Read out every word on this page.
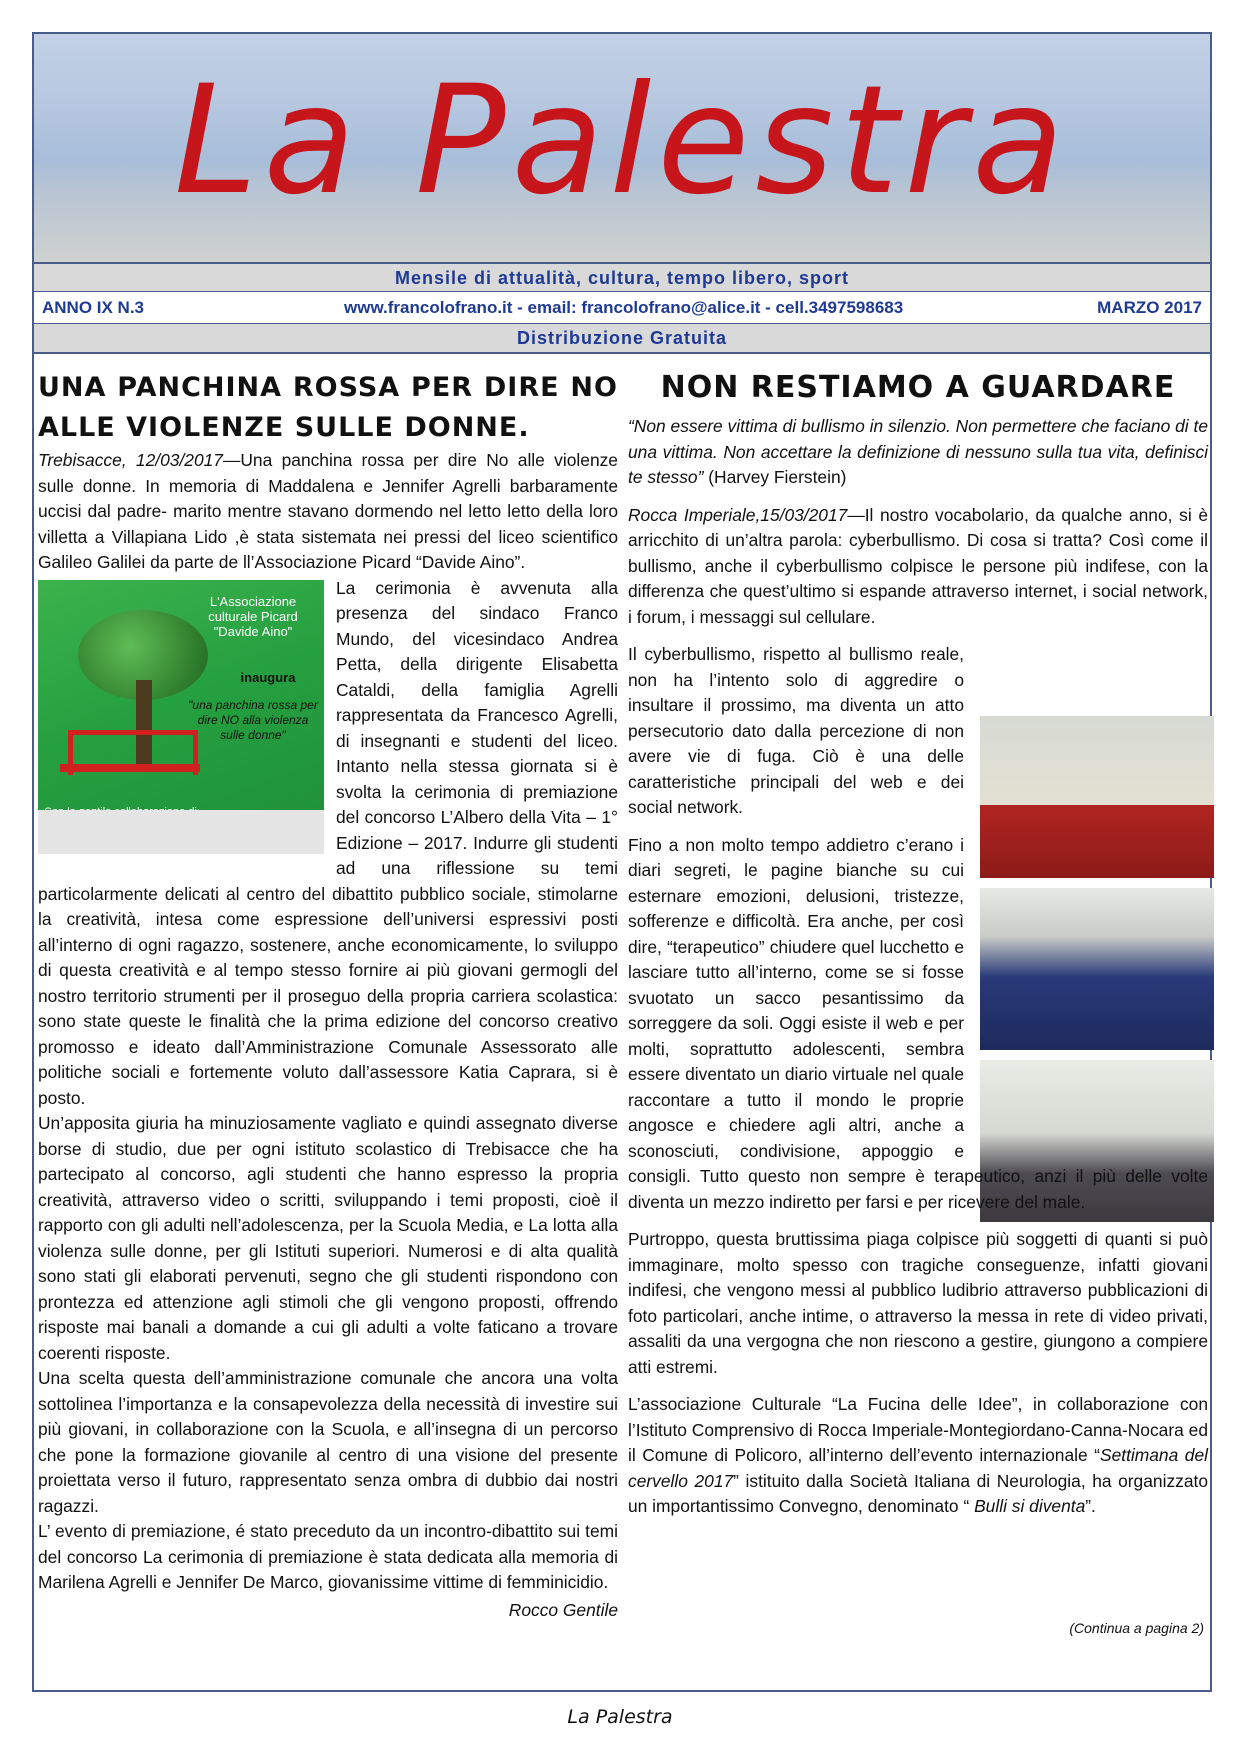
La Palestra
Mensile di attualità, cultura, tempo libero, sport
ANNO IX N.3	www.francolofrano.it - email: francolofrano@alice.it - cell.3497598683	MARZO 2017
Distribuzione Gratuita
UNA PANCHINA ROSSA PER DIRE NO ALLE VIOLENZE SULLE DONNE.

Trebisacce, 12/03/2017—Una panchina rossa per dire No alle violenze sulle donne. In memoria di Maddalena e Jennifer Agrelli barbaramente uccisi dal padre- marito mentre stavano dormendo nel letto letto della loro villetta a Villapiana Lido ,è stata sistemata nei pressi del liceo scientifico Galileo Galilei da parte de ll’Associazione Picard “Davide Aino”.

L'Associazione culturale Picard "Davide Aino"
inaugura
"una panchina rossa per dire NO alla violenza sulle donne"

La cerimonia è avvenuta alla presenza del sindaco Franco Mundo, del vicesindaco Andrea Petta, della dirigente Elisabetta Cataldi, della famiglia Agrelli rappresentata da Francesco Agrelli, di insegnanti e studenti del liceo. Intanto nella stessa giornata si è svolta la cerimonia di premiazione del concorso L’Albero della Vita – 1° Edizione – 2017. Indurre gli studenti ad una riflessione su temi particolarmente delicati al centro del dibattito pubblico sociale, stimolarne la creatività, intesa come espressione dell’universi espressivi posti all’interno di ogni ragazzo, sostenere, anche economicamente, lo sviluppo di questa creatività e al tempo stesso fornire ai più giovani germogli del nostro territorio strumenti per il proseguo della propria carriera scolastica: sono state queste le finalità che la prima edizione del concorso creativo promosso e ideato dall’Amministrazione Comunale Assessorato alle politiche sociali e fortemente voluto dall’assessore Katia Caprara, si è posto.

Un’apposita giuria ha minuziosamente vagliato e quindi assegnato diverse borse di studio, due per ogni istituto scolastico di Trebisacce che ha partecipato al concorso, agli studenti che hanno espresso la propria creatività, attraverso video o scritti, sviluppando i temi proposti, cioè il rapporto con gli adulti nell’adolescenza, per la Scuola Media, e La lotta alla violenza sulle donne, per gli Istituti superiori. Numerosi e di alta qualità sono stati gli elaborati pervenuti, segno che gli studenti rispondono con prontezza ed attenzione agli stimoli che gli vengono proposti, offrendo risposte mai banali a domande a cui gli adulti a volte faticano a trovare coerenti risposte.

Una scelta questa dell’amministrazione comunale che ancora una volta sottolinea l’importanza e la consapevolezza della necessità di investire sui più giovani, in collaborazione con la Scuola, e all’insegna di un percorso che pone la formazione giovanile al centro di una visione del presente proiettata verso il futuro, rappresentato senza ombra di dubbio dai nostri ragazzi.

L’ evento di premiazione, é stato preceduto da un incontro-dibattito sui temi del concorso La cerimonia di premiazione è stata dedicata alla memoria di Marilena Agrelli e Jennifer De Marco, giovanissime vittime di femminicidio.

Rocco Gentile

NON RESTIAMO A GUARDARE

“Non essere vittima di bullismo in silenzio. Non permettere che faciano di te una vittima. Non accettare la definizione di nessuno sulla tua vita, definisci te stesso” (Harvey Fierstein)

Rocca Imperiale,15/03/2017—Il nostro vocabolario, da qualche anno, si è arricchito di un’altra parola: cyberbullismo. Di cosa si tratta? Così come il bullismo, anche il cyberbullismo colpisce le persone più indifese, con la differenza che quest’ultimo si espande attraverso internet, i social network, i forum, i messaggi sul cellulare.

Il cyberbullismo, rispetto al bullismo reale, non ha l’intento solo di aggredire o insultare il prossimo, ma diventa un atto persecutorio dato dalla percezione di non avere vie di fuga. Ciò è una delle caratteristiche principali del web e dei social network.

Fino a non molto tempo addietro c’erano i diari segreti, le pagine bianche su cui esternare emozioni, delusioni, tristezze, sofferenze e difficoltà. Era anche, per così dire, “terapeutico” chiudere quel lucchetto e lasciare tutto all’interno, come se si fosse svuotato un sacco pesantissimo da sorreggere da soli. Oggi esiste il web e per molti, soprattutto adolescenti, sembra essere diventato un diario virtuale nel quale raccontare a tutto il mondo le proprie angosce e chiedere agli altri, anche a sconosciuti, condivisione, appoggio e consigli. Tutto questo non sempre è terapeutico, anzi il più delle volte diventa un mezzo indiretto per farsi e per ricevere del male.

Purtroppo, questa bruttissima piaga colpisce più soggetti di quanti si può immaginare, molto spesso con tragiche conseguenze, infatti giovani indifesi, che vengono messi al pubblico ludibrio attraverso pubblicazioni di foto particolari, anche intime, o attraverso la messa in rete di video privati, assaliti da una vergogna che non riescono a gestire, giungono a compiere atti estremi.

L’associazione Culturale “La Fucina delle Idee”, in collaborazione con l’Istituto Comprensivo di Rocca Imperiale-Montegiordano-Canna-Nocara ed il Comune di Policoro, all’interno dell’evento internazionale “Settimana del cervello 2017” istituito dalla Società Italiana di Neurologia, ha organizzato un importantissimo Convegno, denominato “ Bulli si diventa”.

(Continua a pagina 2)
La Palestra
